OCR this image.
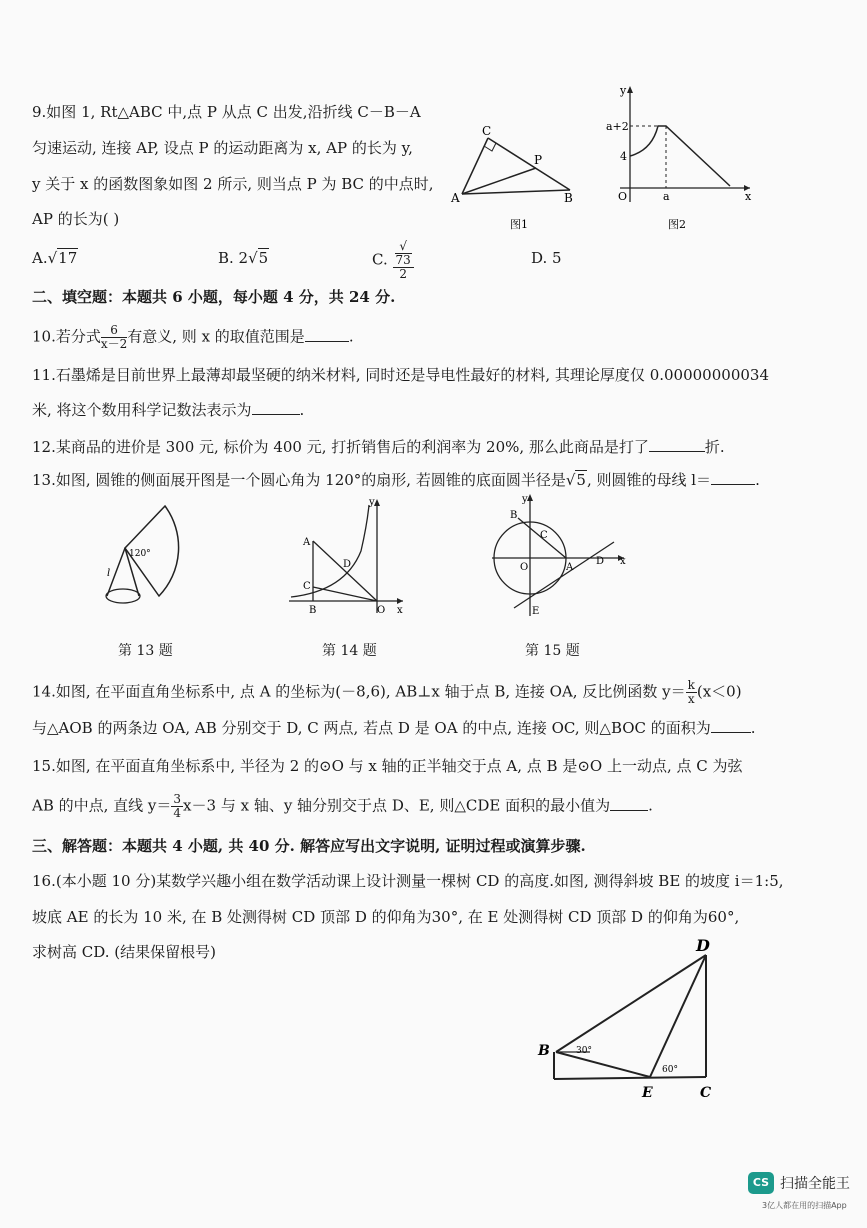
9.如图 1, Rt△ABC 中,点 P 从点 C 出发,沿折线 C－B－A
匀速运动, 连接 AP, 设点 P 的运动距离为 x, AP 的长为 y,
y 关于 x 的函数图象如图 2 所示, 则当点 P 为 BC 的中点时,
AP 的长为( )
A.√17	B. 2√5	C. √
73
2	D. 5
C
P
A	B
图1
y
a+2
4
O	a	x
图2
二、填空题：本题共 6 小题，每小题 4 分，共 24 分.
10.若分式 $\frac{6}{x-2}$ 有意义, 则 x 的取值范围是	.
11.石墨烯是目前世界上最薄却最坚硬的纳米材料, 同时还是导电性最好的材料, 其理论厚度仅 0.00000000034
米, 将这个数用科学记数法表示为	.
12.某商品的进价是 300 元, 标价为 400 元, 打折销售后的利润率为 20%, 那么此商品是打了	折.
13.如图, 圆锥的侧面展开图是一个圆心角为 120°的扇形, 若圆锥的底面圆半径是√5, 则圆锥的母线 l＝	.
120°
l
第 13 题
y
A
D
C
B	O x
第 14 题
y
B
C
O	A
D x
E
第 15 题
14.如图, 在平面直角坐标系中, 点 A 的坐标为(－8,6), AB⊥x 轴于点 B, 连接 OA, 反比例函数 $y= \frac{k}{x} (x<0)$
与△AOB 的两条边 OA, AB 分别交于 D, C 两点, 若点 D 是 OA 的中点, 连接 OC, 则△BOC 的面积为	.
15.如图, 在平面直角坐标系中, 半径为 2 的⊙O 与 x 轴的正半轴交于点 A, 点 B 是⊙O 上一动点, 点 C 为弦
AB 的中点, 直线 $y= \frac{3}{4} x-3$ 与 x 轴、y 轴分别交于点 D、E, 则△CDE 面积的最小值为	.
三、解答题：本题共 4 小题, 共 40 分. 解答应写出文字说明, 证明过程或演算步骤.
16.(本小题 10 分)某数学兴趣小组在数学活动课上设计测量一棵树 CD 的高度.如图, 测得斜坡 BE 的坡度 i＝1:5,
坡底 AE 的长为 10 米, 在 B 处测得树 CD 顶部 D 的仰角为30°, 在 E 处测得树 CD 顶部 D 的仰角为60°,
求树高 CD. (结果保留根号)
B
D
E	C
30°
60°
CS 扫描全能王
3亿人都在用的扫描App
